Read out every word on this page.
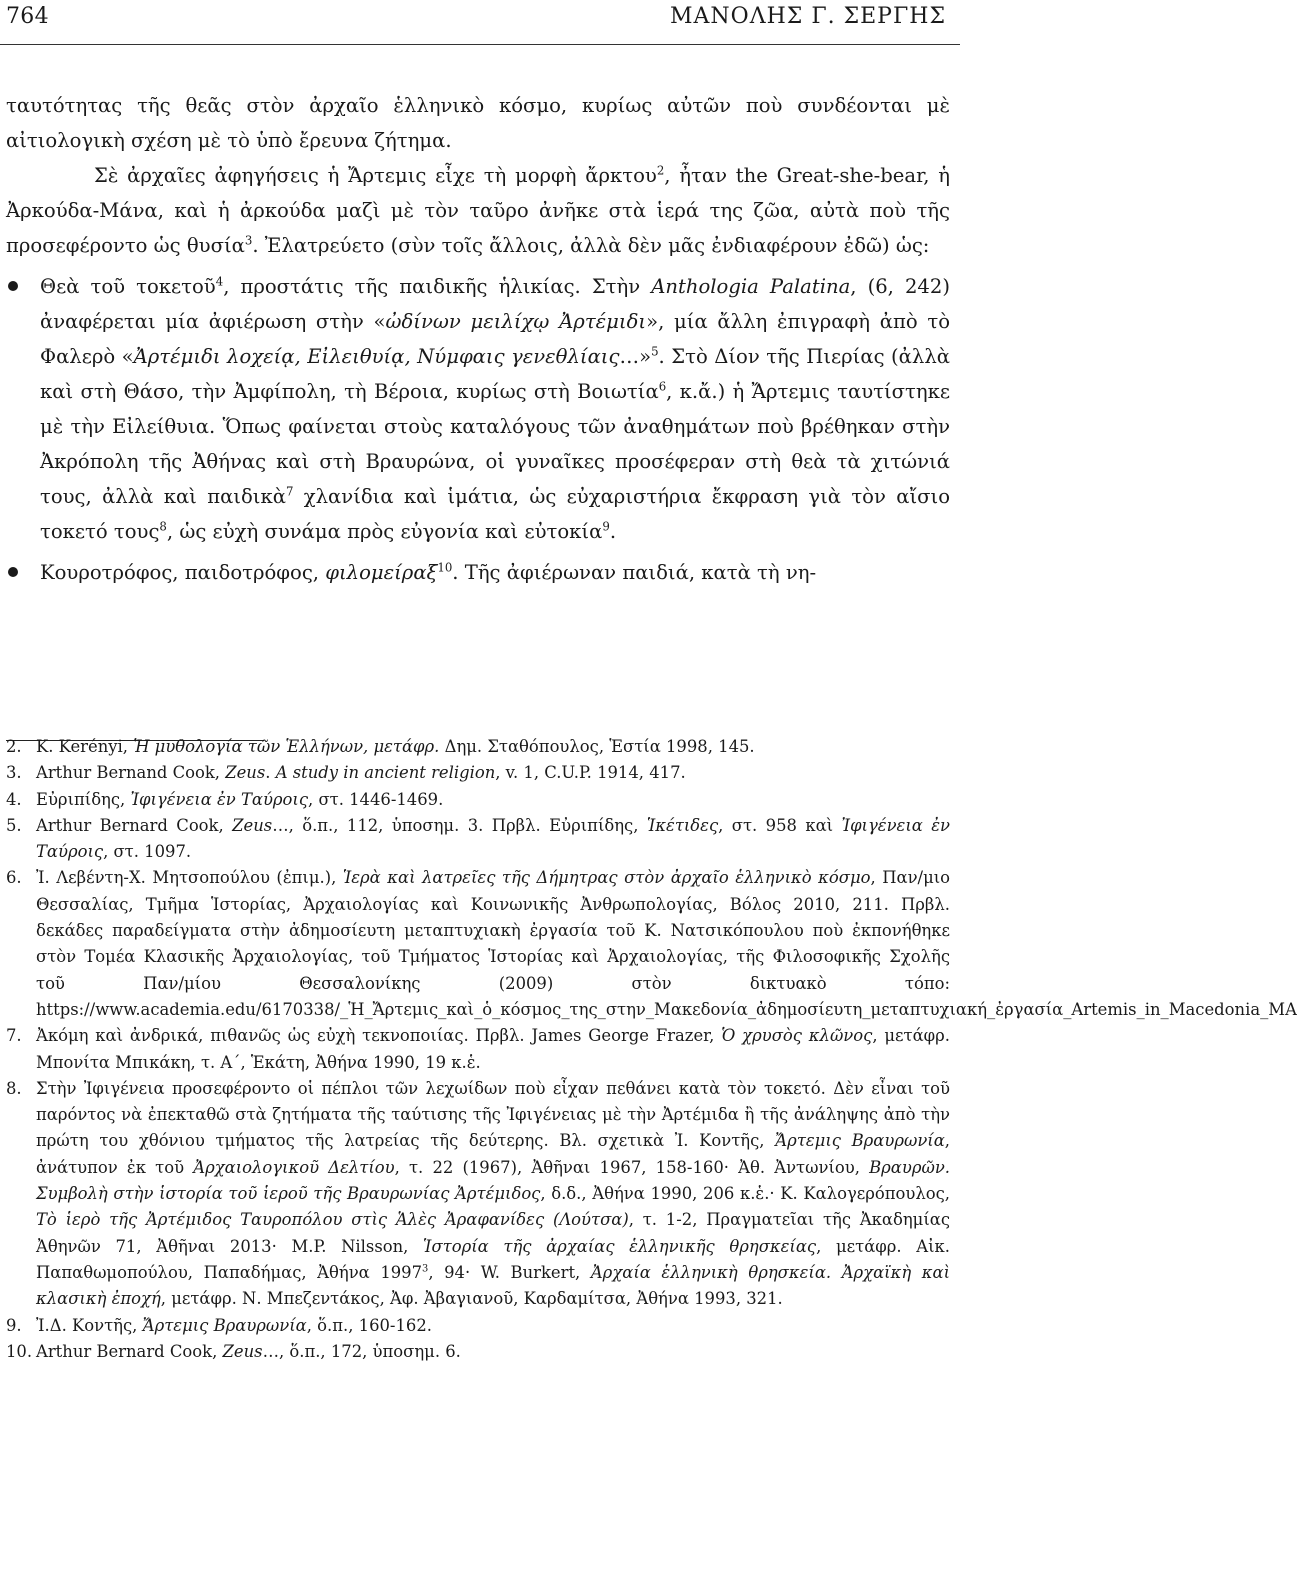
764	ΜΑΝΟΛΗΣ Γ. ΣΕΡΓΗΣ

ταυτότητας τῆς θεᾶς στὸν ἀρχαῖο ἑλληνικὸ κόσμο, κυρίως αὐτῶν ποὺ συνδέονται μὲ αἰτιολογικὴ σχέση μὲ τὸ ὑπὸ ἔρευνα ζήτημα.

Σὲ ἀρχαῖες ἀφηγήσεις ἡ Ἄρτεμις εἶχε τὴ μορφὴ ἄρκτου$^2$, ἦταν the Great-she-bear, ἡ Ἀρκούδα-Μάνα, καὶ ἡ ἀρκούδα μαζὶ μὲ τὸν ταῦρο ἀνῆκε στὰ ἱερά της ζῶα, αὐτὰ ποὺ τῆς προσεφέροντο ὡς θυσία$^3$. Ἐλατρεύετο (σὺν τοῖς ἄλλοις, ἀλλὰ δὲν μᾶς ἐνδιαφέρουν ἐδῶ) ὡς:

Θεὰ τοῦ τοκετοῦ$^4$, προστάτις τῆς παιδικῆς ἡλικίας. Στὴν Anthologia Palatina, (6, 242) ἀναφέρεται μία ἀφιέρωση στὴν «ὠδίνων μειλίχῳ Ἀρτέμιδι», μία ἄλλη ἐπιγραφὴ ἀπὸ τὸ Φαλερὸ «Ἀρτέμιδι λοχείᾳ, Εἰλειθυίᾳ, Νύμφαις γενεθλίαις…»$^5$. Στὸ Δίον τῆς Πιερίας (ἀλλὰ καὶ στὴ Θάσο, τὴν Ἀμφίπολη, τὴ Βέροια, κυρίως στὴ Βοιωτία$^6$, κ.ἄ.) ἡ Ἄρτεμις ταυτίστηκε μὲ τὴν Εἰλείθυια. Ὅπως φαίνεται στοὺς καταλόγους τῶν ἀναθημάτων ποὺ βρέθηκαν στὴν Ἀκρόπολη τῆς Ἀθήνας καὶ στὴ Βραυρώνα, οἱ γυναῖκες προσέφεραν στὴ θεὰ τὰ χιτώνιά τους, ἀλλὰ καὶ παιδικὰ$^7$ χλανίδια καὶ ἱμάτια, ὡς εὐχαριστήρια ἔκφραση γιὰ τὸν αἴσιο τοκετό τους$^8$, ὡς εὐχὴ συνάμα πρὸς εὐγονία καὶ εὐτοκία$^9$.

Κουροτρόφος, παιδοτρόφος, φιλομείραξ$^{10}$. Τῆς ἀφιέρωναν παιδιά, κατὰ τὴ νη-

2. K. Kerényi, Ἡ μυθολογία τῶν Ἑλλήνων, μετάφρ. Δημ. Σταθόπουλος, Ἑστία 1998, 145.

3. Arthur Bernand Cook, Zeus. A study in ancient religion, v. 1, C.U.P. 1914, 417.

4. Εὐριπίδης, Ἰφιγένεια ἐν Ταύροις, στ. 1446-1469.

5. Arthur Bernard Cook, Zeus…, ὅ.π., 112, ὑποσημ. 3. Πρβλ. Εὐριπίδης, Ἱκέτιδες, στ. 958 καὶ Ἰφιγένεια ἐν Ταύροις, στ. 1097.

6. Ἰ. Λεβέντη-Χ. Μητσοπούλου (ἐπιμ.), Ἱερὰ καὶ λατρεῖες τῆς Δήμητρας στὸν ἀρχαῖο ἑλληνικὸ κόσμο, Παν/μιο Θεσσαλίας, Τμῆμα Ἱστορίας, Ἀρχαιολογίας καὶ Κοινωνικῆς Ἀνθρωπολογίας, Βόλος 2010, 211. Πρβλ. δεκάδες παραδείγματα στὴν ἀδημοσίευτη μεταπτυχιακὴ ἐργασία τοῦ Κ. Νατσικόπουλου ποὺ ἐκπονήθηκε στὸν Τομέα Κλασικῆς Ἀρχαιολογίας, τοῦ Τμήματος Ἱστορίας καὶ Ἀρχαιολογίας, τῆς Φιλοσοφικῆς Σχολῆς τοῦ Παν/μίου Θεσσαλονίκης (2009) στὸν δικτυακὸ τόπο: https://www.academia.edu/6170338/_Ἡ_Ἄρτεμις_καὶ_ὁ_κόσμος_της_στην_Μακεδονία_ἀδημοσίευτη_μεταπτυχιακή_ἐργασία_Artemis_in_Macedonia_MA

7. Ἀκόμη καὶ ἀνδρικά, πιθανῶς ὡς εὐχὴ τεκνοποιίας. Πρβλ. James George Frazer, Ὁ χρυσὸς κλῶνος, μετάφρ. Μπονίτα Μπικάκη, τ. Α΄, Ἑκάτη, Ἀθήνα 1990, 19 κ.ἑ.

8. Στὴν Ἰφιγένεια προσεφέροντο οἱ πέπλοι τῶν λεχωίδων ποὺ εἶχαν πεθάνει κατὰ τὸν τοκετό. Δὲν εἶναι τοῦ παρόντος νὰ ἐπεκταθῶ στὰ ζητήματα τῆς ταύτισης τῆς Ἰφιγένειας μὲ τὴν Ἀρτέμιδα ἢ τῆς ἀνάληψης ἀπὸ τὴν πρώτη του χθόνιου τμήματος τῆς λατρείας τῆς δεύτερης. Βλ. σχετικὰ Ἰ. Κοντῆς, Ἄρτεμις Βραυρωνία, ἀνάτυπον ἐκ τοῦ Ἀρχαιολογικοῦ Δελτίου, τ. 22 (1967), Ἀθῆναι 1967, 158-160· Ἀθ. Ἀντωνίου, Βραυρῶν. Συμβολὴ στὴν ἱστορία τοῦ ἱεροῦ τῆς Βραυρωνίας Ἀρτέμιδος, δ.δ., Ἀθήνα 1990, 206 κ.ἑ.· Κ. Καλογερόπουλος, Τὸ ἱερὸ τῆς Ἀρτέμιδος Ταυροπόλου στὶς Ἁλὲς Ἀραφανίδες (Λούτσα), τ. 1-2, Πραγματεῖαι τῆς Ἀκαδημίας Ἀθηνῶν 71, Ἀθῆναι 2013· M.P. Nilsson, Ἱστορία τῆς ἀρχαίας ἑλληνικῆς θρησκείας, μετάφρ. Αἰκ. Παπαθωμοπούλου, Παπαδήμας, Ἀθήνα 1997$^3$, 94· W. Burkert, Ἀρχαία ἑλληνικὴ θρησκεία. Ἀρχαϊκὴ καὶ κλασικὴ ἐποχή, μετάφρ. Ν. Μπεζεντάκος, Ἀφ. Ἀβαγιανοῦ, Καρδαμίτσα, Ἀθήνα 1993, 321.

9. Ἰ.Δ. Κοντῆς, Ἄρτεμις Βραυρωνία, ὅ.π., 160-162.

10. Arthur Bernard Cook, Zeus…, ὅ.π., 172, ὑποσημ. 6.
